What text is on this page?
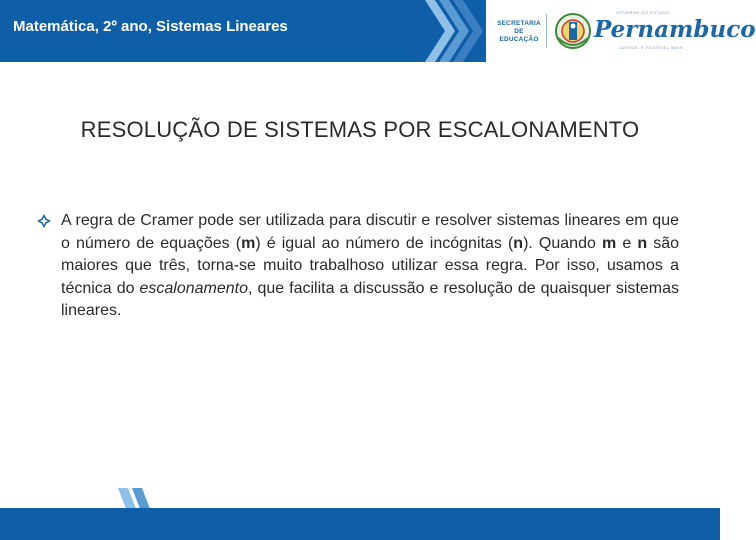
Matemática, 2º ano, Sistemas Lineares	SECRETARIA
DE EDUCAÇÃO
GOVERNO DO ESTADO
Pernambuco
JUNTOS, É POSSÍVEL MAIS
RESOLUÇÃO DE SISTEMAS POR ESCALONAMENTO
A regra de Cramer pode ser utilizada para discutir e resolver sistemas lineares em que o número de equações (m) é igual ao número de incógnitas (n). Quando m e n são maiores que três, torna-se muito trabalhoso utilizar essa regra. Por isso, usamos a técnica do escalonamento, que facilita a discussão e resolução de quaisquer sistemas lineares.
